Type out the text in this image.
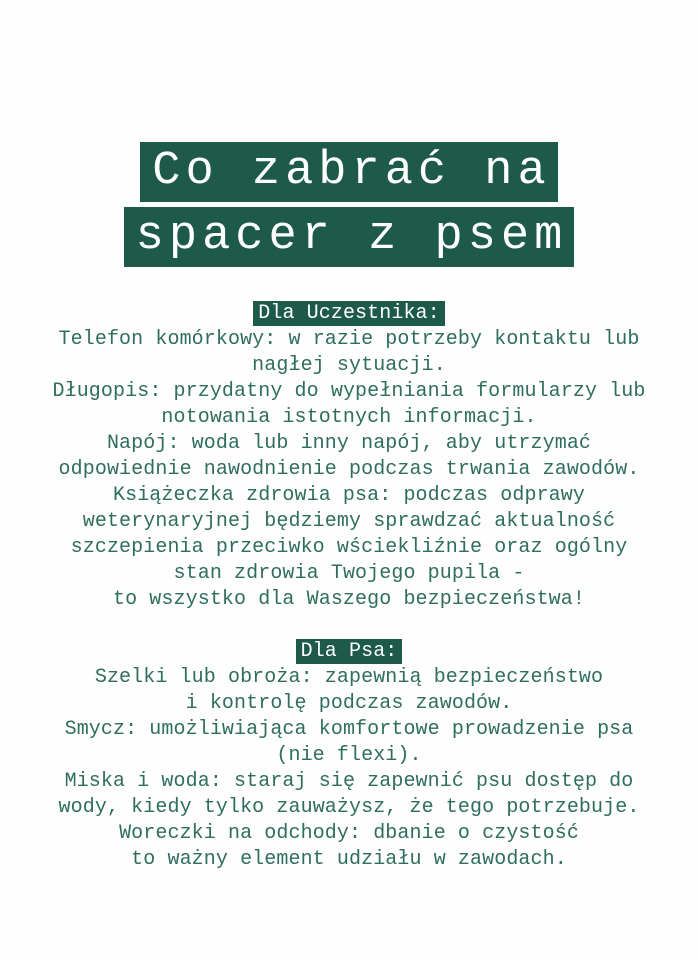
Co zabrać na
spacer z psem
Dla Uczestnika:
Telefon komórkowy: w razie potrzeby kontaktu lub
nagłej sytuacji.
Długopis: przydatny do wypełniania formularzy lub
notowania istotnych informacji.
Napój: woda lub inny napój, aby utrzymać
odpowiednie nawodnienie podczas trwania zawodów.
Książeczka zdrowia psa: podczas odprawy
weterynaryjnej będziemy sprawdzać aktualność
szczepienia przeciwko wściekliźnie oraz ogólny
stan zdrowia Twojego pupila -
to wszystko dla Waszego bezpieczeństwa!
Dla Psa:
Szelki lub obroża: zapewnią bezpieczeństwo
i kontrolę podczas zawodów.
Smycz: umożliwiająca komfortowe prowadzenie psa
(nie flexi).
Miska i woda: staraj się zapewnić psu dostęp do
wody, kiedy tylko zauważysz, że tego potrzebuje.
Woreczki na odchody: dbanie o czystość
to ważny element udziału w zawodach.
